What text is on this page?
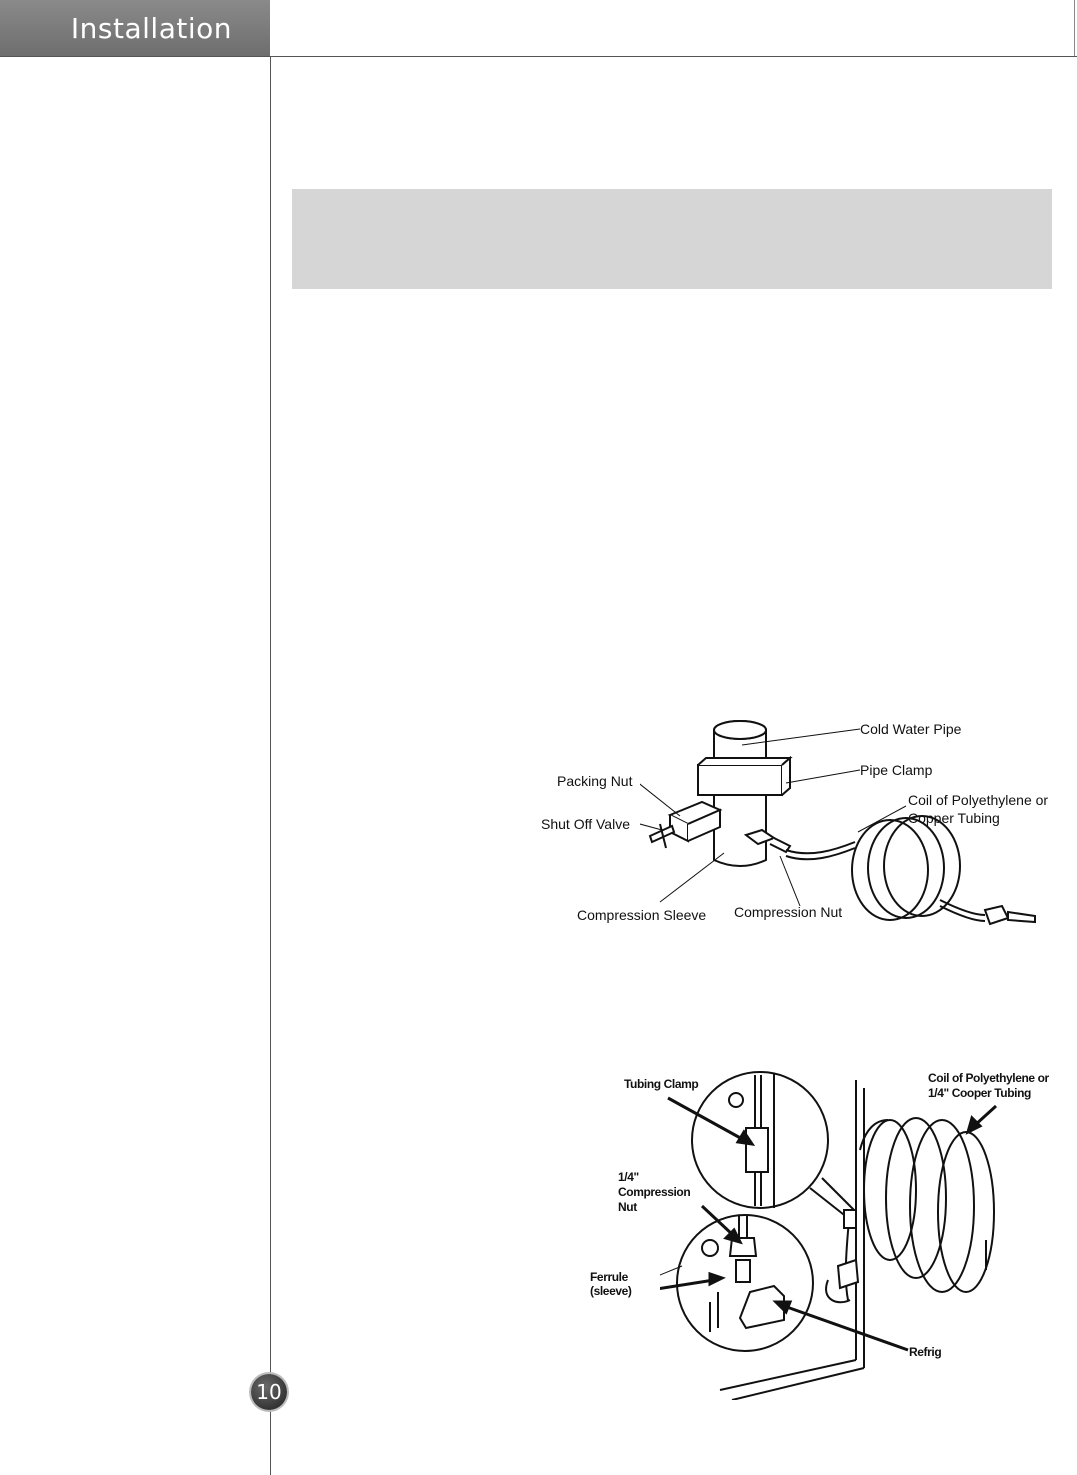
Installation
Cold Water Pipe
Pipe Clamp
Coil of Polyethylene or
Copper Tubing
Packing Nut
Shut Off Valve
Compression Sleeve Compression Nut
Tubing Clamp	Coil of Polyethylene or
1/4" Cooper Tubing
1/4"
Compression
Nut
Ferrule
(sleeve)
Refrig
10
